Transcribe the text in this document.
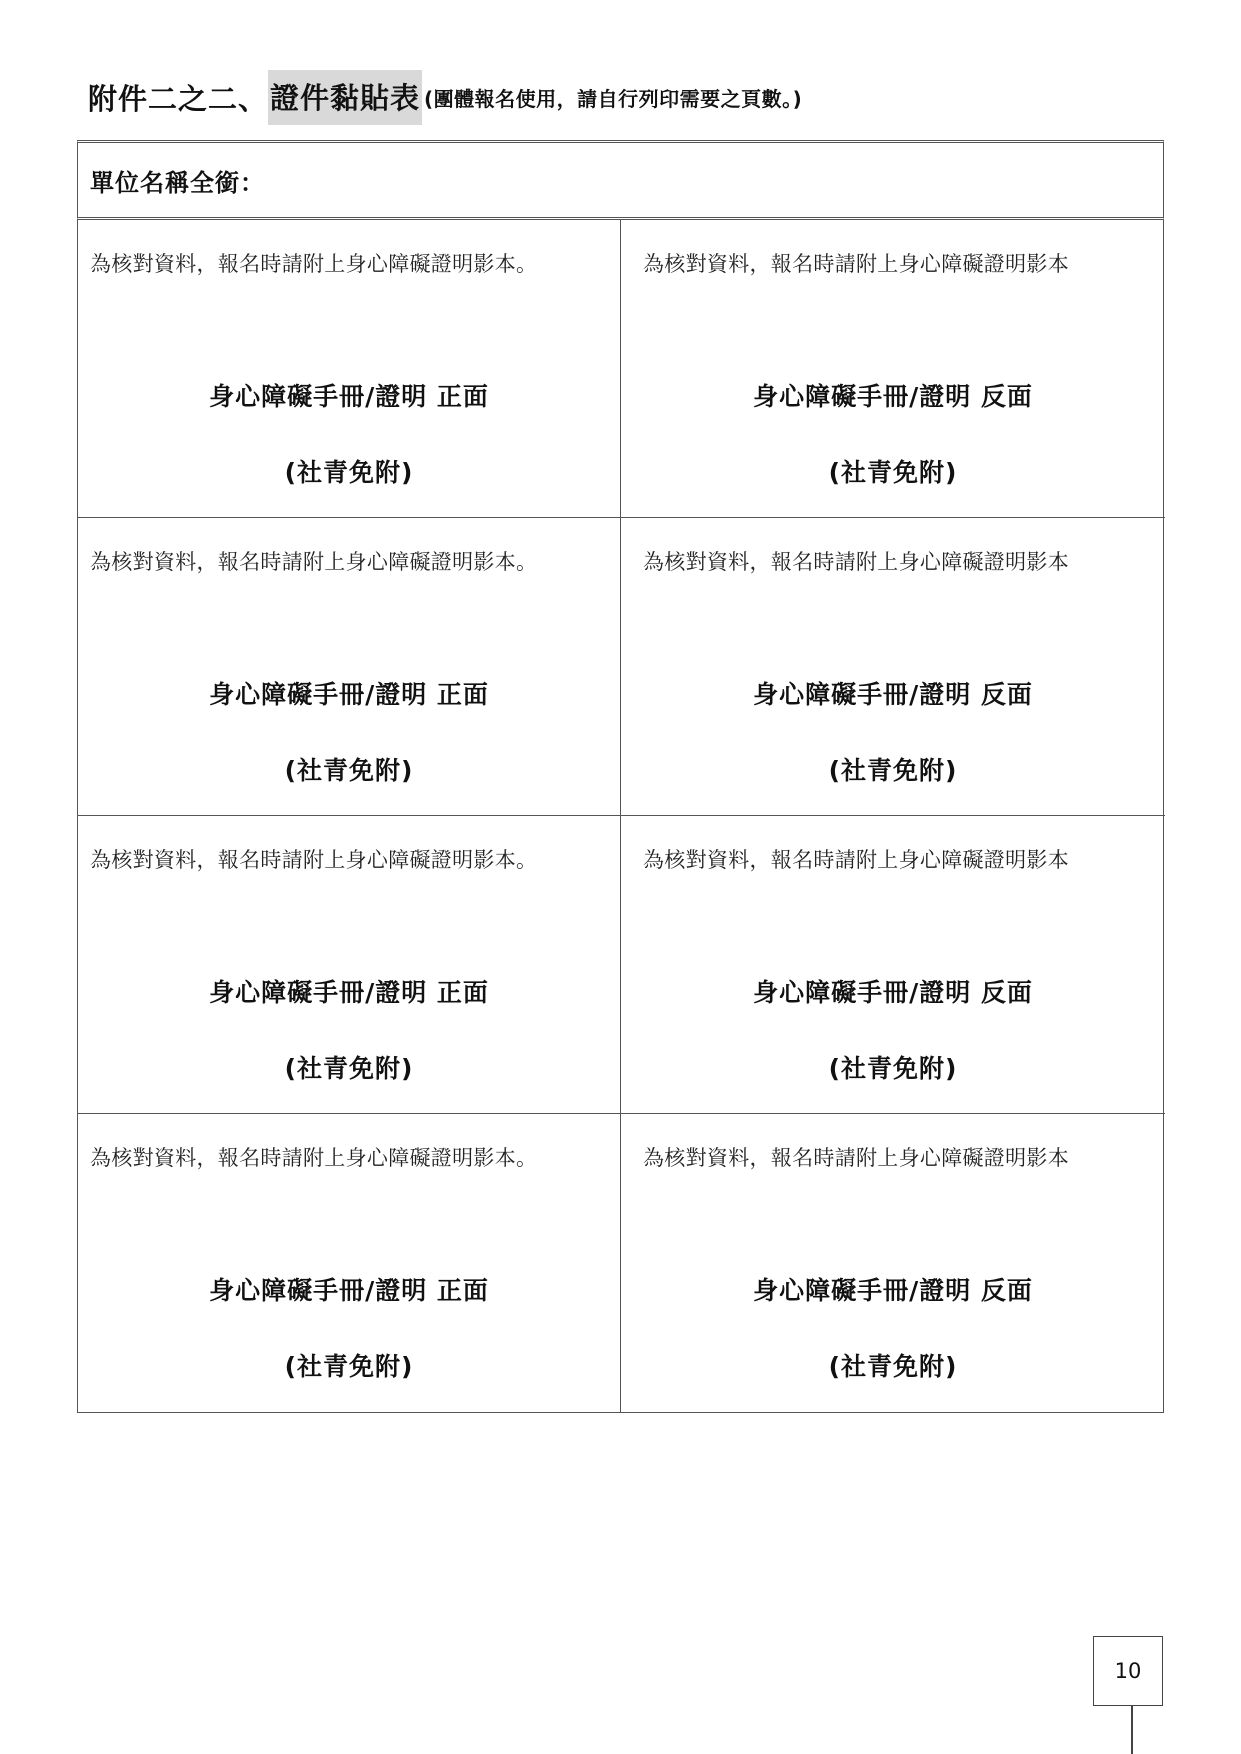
附件二之二、 證件黏貼表 (團體報名使用，請自行列印需要之頁數。)
單位名稱全銜：
為核對資料，報名時請附上身心障礙證明影本。
身心障礙手冊/證明 正面
(社青免附)
為核對資料，報名時請附上身心障礙證明影本
身心障礙手冊/證明 反面
(社青免附)
為核對資料，報名時請附上身心障礙證明影本。
身心障礙手冊/證明 正面
(社青免附)
為核對資料，報名時請附上身心障礙證明影本
身心障礙手冊/證明 反面
(社青免附)
為核對資料，報名時請附上身心障礙證明影本。
身心障礙手冊/證明 正面
(社青免附)
為核對資料，報名時請附上身心障礙證明影本
身心障礙手冊/證明 反面
(社青免附)
為核對資料，報名時請附上身心障礙證明影本。
身心障礙手冊/證明 正面
(社青免附)
為核對資料，報名時請附上身心障礙證明影本
身心障礙手冊/證明 反面
(社青免附)
10
